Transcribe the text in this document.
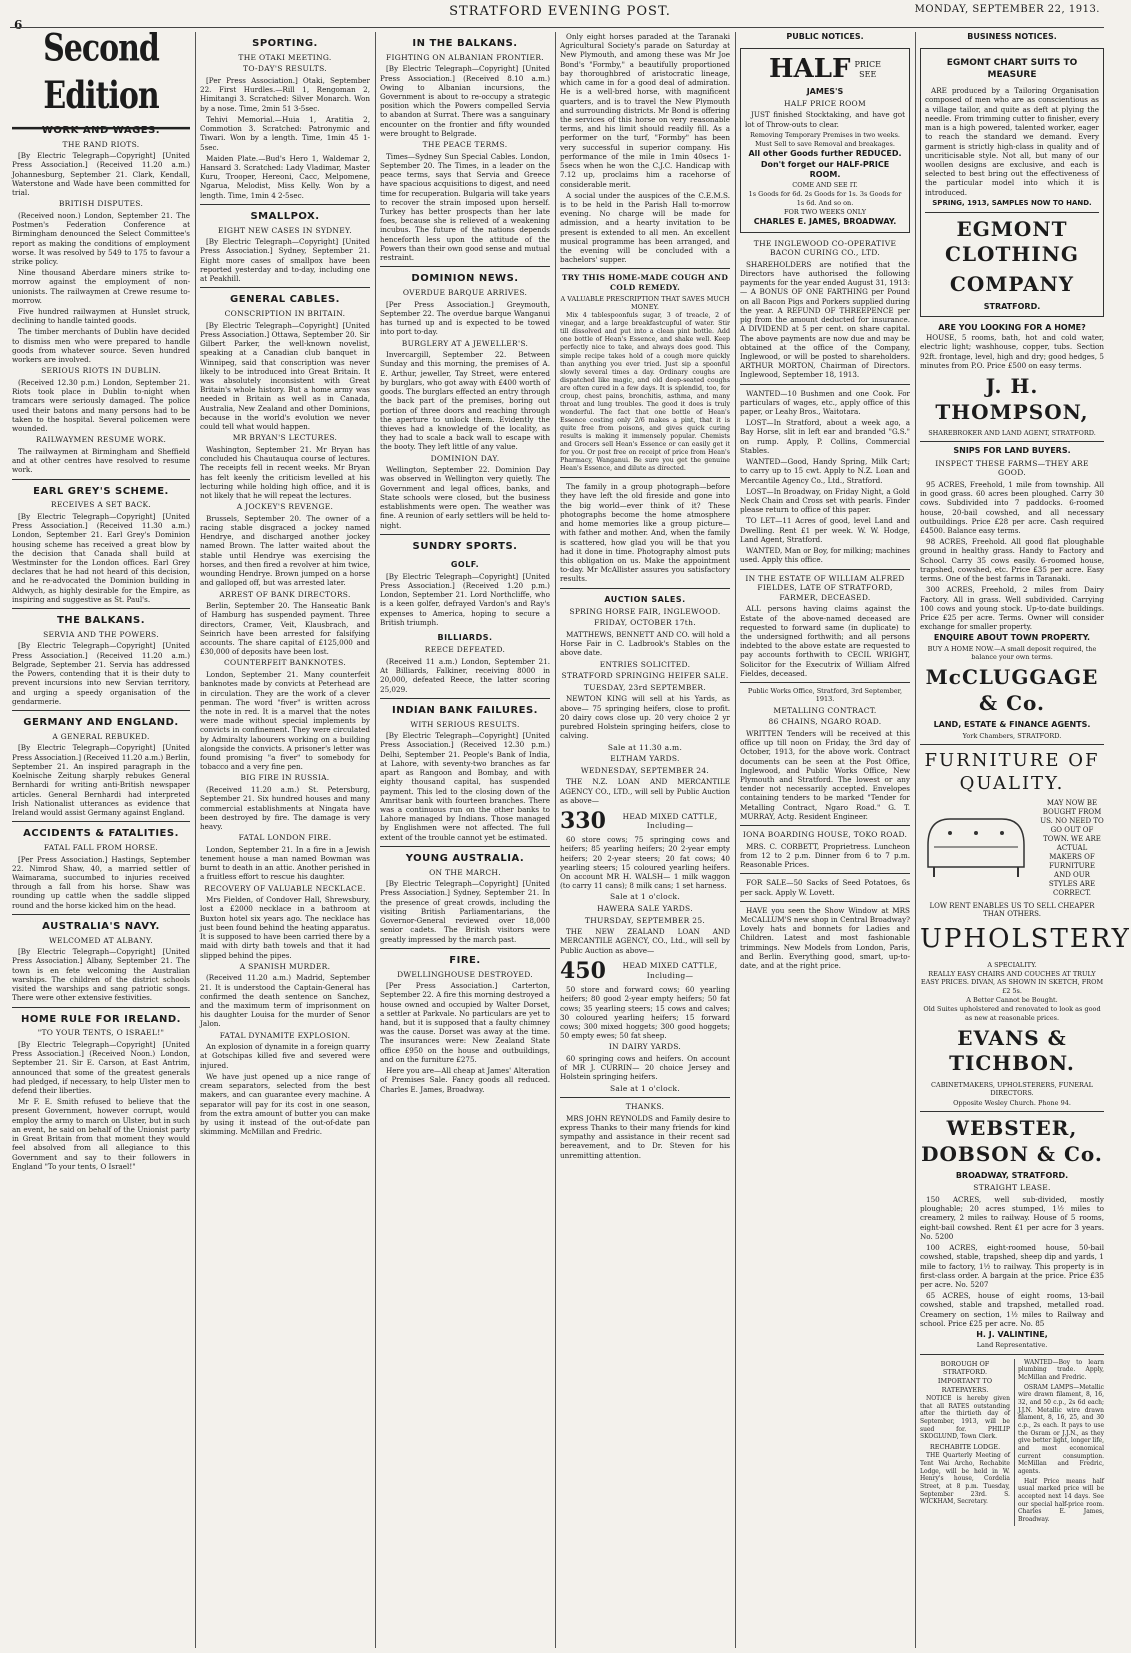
6
STRATFORD EVENING POST.	MONDAY, SEPTEMBER 22, 1913.
Second Edition
WORK AND WAGES.
THE RAND RIOTS.

[By Electric Telegraph—Copyright] [United Press Association.] (Received 11.20 a.m.) Johannesburg, September 21. Clark, Kendall, Waterstone and Wade have been committed for trial.

BRITISH DISPUTES.

(Received noon.) London, September 21. The Postmen's Federation Conference at Birmingham denounced the Select Committee's report as making the conditions of employment worse. It was resolved by 549 to 175 to favour a strike policy.

Nine thousand Aberdare miners strike to-morrow against the employment of non-unionists. The railwaymen at Crewe resume to-morrow.

Five hundred railwaymen at Hunslet struck, declining to handle tainted goods.

The timber merchants of Dublin have decided to dismiss men who were prepared to handle goods from whatever source. Seven hundred workers are involved.

SERIOUS RIOTS IN DUBLIN.

(Received 12.30 p.m.) London, September 21. Riots took place in Dublin to-night when tramcars were seriously damaged. The police used their batons and many persons had to be taken to the hospital. Several policemen were wounded.

RAILWAYMEN RESUME WORK.

The railwaymen at Birmingham and Sheffield and at other centres have resolved to resume work.

EARL GREY'S SCHEME.
RECEIVES A SET BACK.

[By Electric Telegraph—Copyright] [United Press Association.] (Received 11.30 a.m.) London, September 21. Earl Grey's Dominion housing scheme has received a great blow by the decision that Canada shall build at Westminster for the London offices. Earl Grey declares that he had not heard of this decision, and he re-advocated the Dominion building in Aldwych, as highly desirable for the Empire, as inspiring and suggestive as St. Paul's.

THE BALKANS.
SERVIA AND THE POWERS.

[By Electric Telegraph—Copyright] [United Press Association.] (Received 11.20 a.m.) Belgrade, September 21. Servia has addressed the Powers, contending that it is their duty to prevent incursions into new Servian territory, and urging a speedy organisation of the gendarmerie.

GERMANY AND ENGLAND.
A GENERAL REBUKED.

[By Electric Telegraph—Copyright] [United Press Association.] (Received 11.20 a.m.) Berlin, September 21. An inspired paragraph in the Koelnische Zeitung sharply rebukes General Bernhardi for writing anti-British newspaper articles. General Bernhardi had interpreted Irish Nationalist utterances as evidence that Ireland would assist Germany against England.

ACCIDENTS & FATALITIES.
FATAL FALL FROM HORSE.

[Per Press Association.] Hastings, September 22. Nimrod Shaw, 40, a married settler of Waimarama, succumbed to injuries received through a fall from his horse. Shaw was rounding up cattle when the saddle slipped round and the horse kicked him on the head.

AUSTRALIA'S NAVY.
WELCOMED AT ALBANY.

[By Electric Telegraph—Copyright] [United Press Association.] Albany, September 21. The town is en fete welcoming the Australian warships. The children of the district schools visited the warships and sang patriotic songs. There were other extensive festivities.

HOME RULE FOR IRELAND.
"TO YOUR TENTS, O ISRAEL!"

[By Electric Telegraph—Copyright] [United Press Association.] (Received Noon.) London, September 21. Sir E. Carson, at East Antrim, announced that some of the greatest generals had pledged, if necessary, to help Ulster men to defend their liberties.

Mr F. E. Smith refused to believe that the present Government, however corrupt, would employ the army to march on Ulster, but in such an event, he said on behalf of the Unionist party in Great Britain from that moment they would feel absolved from all allegiance to this Government and say to their followers in England "To your tents, O Israel!"

SPORTING.
THE OTAKI MEETING.
TO-DAY'S RESULTS.

[Per Press Association.] Otaki, September 22. First Hurdles.—Rill 1, Rengoman 2, Himitangi 3. Scratched: Silver Monarch. Won by a nose. Time, 2min 51 3-5sec.

Tehivi Memorial.—Huia 1, Aratitia 2, Commotion 3. Scratched: Patronymic and Tiwari. Won by a length. Time, 1min 45 1-5sec.

Maiden Plate.—Bud's Hero 1, Waldemar 2, Hansard 3. Scratched: Lady Vladimar, Master Kuru, Trooper, Hereoni, Cacc, Melpomene, Ngarua, Melodist, Miss Kelly. Won by a length. Time, 1min 4 2-5sec.

SMALLPOX.
EIGHT NEW CASES IN SYDNEY.

[By Electric Telegraph—Copyright] [United Press Association.] Sydney, September 21. Eight more cases of smallpox have been reported yesterday and to-day, including one at Peakhill.

GENERAL CABLES.
CONSCRIPTION IN BRITAIN.

[By Electric Telegraph—Copyright] [United Press Association.] Ottawa, September 20. Sir Gilbert Parker, the well-known novelist, speaking at a Canadian club banquet in Winnipeg, said that conscription was never likely to be introduced into Great Britain. It was absolutely inconsistent with Great Britain's whole history. But a home army was needed in Britain as well as in Canada, Australia, New Zealand and other Dominions, because in the world's evolution we never could tell what would happen.

MR BRYAN'S LECTURES.

Washington, September 21. Mr Bryan has concluded his Chautauqua course of lectures. The receipts fell in recent weeks. Mr Bryan has felt keenly the criticism levelled at his lecturing while holding high office, and it is not likely that he will repeat the lectures.

A JOCKEY'S REVENGE.

Brussels, September 20. The owner of a racing stable disgraced a jockey named Hendrye, and discharged another jockey named Brown. The latter waited about the stable until Hendrye was exercising the horses, and then fired a revolver at him twice, wounding Hendrye. Brown jumped on a horse and galloped off, but was arrested later.

ARREST OF BANK DIRECTORS.

Berlin, September 20. The Hanseatic Bank of Hamburg has suspended payment. Three directors, Cramer, Veit, Klausbrach, and Seinrich have been arrested for falsifying accounts. The share capital of £125,000 and £30,000 of deposits have been lost.

COUNTERFEIT BANKNOTES.

London, September 21. Many counterfeit banknotes made by convicts at Peterhead are in circulation. They are the work of a clever penman. The word "fiver" is written across the note in red. It is a marvel that the notes were made without special implements by convicts in confinement. They were circulated by Admiralty labourers working on a building alongside the convicts. A prisoner's letter was found promising "a fiver" to somebody for tobacco and a very fine pen.

BIG FIRE IN RUSSIA.

(Received 11.20 a.m.) St. Petersburg, September 21. Six hundred houses and many commercial establishments at Ningata have been destroyed by fire. The damage is very heavy.

FATAL LONDON FIRE.

London, September 21. In a fire in a Jewish tenement house a man named Bowman was burnt to death in an attic. Another perished in a fruitless effort to rescue his daughter.

RECOVERY OF VALUABLE NECKLACE.

Mrs Fielden, of Condover Hall, Shrewsbury, lost a £2000 necklace in a bathroom at Buxton hotel six years ago. The necklace has just been found behind the heating apparatus. It is supposed to have been carried there by a maid with dirty bath towels and that it had slipped behind the pipes.

A SPANISH MURDER.

(Received 11.20 a.m.) Madrid, September 21. It is understood the Captain-General has confirmed the death sentence on Sanchez, and the maximum term of imprisonment on his daughter Louisa for the murder of Senor Jalon.

FATAL DYNAMITE EXPLOSION.

An explosion of dynamite in a foreign quarry at Gotschipas killed five and severed were injured.

We have just opened up a nice range of cream separators, selected from the best makers, and can guarantee every machine. A separator will pay for its cost in one season, from the extra amount of butter you can make by using it instead of the out-of-date pan skimming. McMillan and Fredric.

IN THE BALKANS.
FIGHTING ON ALBANIAN FRONTIER.

[By Electric Telegraph—Copyright] [United Press Association.] (Received 8.10 a.m.) Owing to Albanian incursions, the Government is about to re-occupy a strategic position which the Powers compelled Servia to abandon at Surrat. There was a sanguinary encounter on the frontier and fifty wounded were brought to Belgrade.

THE PEACE TERMS.

Times—Sydney Sun Special Cables. London, September 20. The Times, in a leader on the peace terms, says that Servia and Greece have spacious acquisitions to digest, and need time for recuperation. Bulgaria will take years to recover the strain imposed upon herself. Turkey has better prospects than her late foes, because she is relieved of a weakening incubus. The future of the nations depends henceforth less upon the attitude of the Powers than their own good sense and mutual restraint.

DOMINION NEWS.
OVERDUE BARQUE ARRIVES.

[Per Press Association.] Greymouth, September 22. The overdue barque Wanganui has turned up and is expected to be towed into port to-day.

BURGLERY AT A JEWELLER'S.

Invercargill, September 22. Between Sunday and this morning, the premises of A. E. Arthur, jeweller, Tay Street, were entered by burglars, who got away with £400 worth of goods. The burglars effected an entry through the back part of the premises, boring out portion of three doors and reaching through the aperture to unlock them. Evidently the thieves had a knowledge of the locality, as they had to scale a back wall to escape with the booty. They left little of any value.

DOMINION DAY.

Wellington, September 22. Dominion Day was observed in Wellington very quietly. The Government and legal offices, banks, and State schools were closed, but the business establishments were open. The weather was fine. A reunion of early settlers will be held to-night.

SUNDRY SPORTS.
GOLF.

[By Electric Telegraph—Copyright] [United Press Association.] (Received 1.20 p.m.) London, September 21. Lord Northcliffe, who is a keen golfer, defrayed Vardon's and Ray's expenses to America, hoping to secure a British triumph.

BILLIARDS.
REECE DEFEATED.

(Received 11 a.m.) London, September 21. At Billiards, Falkiner, receiving 8000 in 20,000, defeated Reece, the latter scoring 25,029.

INDIAN BANK FAILURES.
WITH SERIOUS RESULTS.

[By Electric Telegraph—Copyright] [United Press Association.] (Received 12.30 p.m.) Delhi, September 21. People's Bank of India, at Lahore, with seventy-two branches as far apart as Rangoon and Bombay, and with eighty thousand capital, has suspended payment. This led to the closing down of the Amritsar bank with fourteen branches. There was a continuous run on the other banks to Lahore managed by Indians. Those managed by Englishmen were not affected. The full extent of the trouble cannot yet be estimated.

YOUNG AUSTRALIA.
ON THE MARCH.

[By Electric Telegraph—Copyright] [United Press Association.] Sydney, September 21. In the presence of great crowds, including the visiting British Parliamentarians, the Governor-General reviewed over 18,000 senior cadets. The British visitors were greatly impressed by the march past.

FIRE.
DWELLINGHOUSE DESTROYED.

[Per Press Association.] Carterton, September 22. A fire this morning destroyed a house owned and occupied by Walter Dorset, a settler at Parkvale. No particulars are yet to hand, but it is supposed that a faulty chimney was the cause. Dorset was away at the time. The insurances were: New Zealand State office £950 on the house and outbuildings, and on the furniture £275.

Here you are—All cheap at James' Alteration of Premises Sale. Fancy goods all reduced. Charles E. James, Broadway.

Only eight horses paraded at the Taranaki Agricultural Society's parade on Saturday at New Plymouth, and among these was Mr Joe Bond's "Formby," a beautifully proportioned bay thoroughbred of aristocratic lineage, which came in for a good deal of admiration. He is a well-bred horse, with magnificent quarters, and is to travel the New Plymouth and surrounding districts. Mr Bond is offering the services of this horse on very reasonable terms, and his limit should readily fill. As a performer on the turf, "Formby" has been very successful in superior company. His performance of the mile in 1min 40secs 1-5secs when he won the C.J.C. Handicap with 7.12 up, proclaims him a racehorse of considerable merit.

A social under the auspices of the C.E.M.S. is to be held in the Parish Hall to-morrow evening. No charge will be made for admission, and a hearty invitation to be present is extended to all men. An excellent musical programme has been arranged, and the evening will be concluded with a bachelors' supper.

TRY THIS HOME-MADE COUGH AND COLD REMEDY.
A VALUABLE PRESCRIPTION THAT SAVES MUCH MONEY.

Mix 4 tablespoonfuls sugar, 3 of treacle, 2 of vinegar, and a large breakfastcupful of water. Stir till dissolved and put into a clean pint bottle. Add one bottle of Hean's Essence, and shake well. Keep perfectly nice to take, and always does good. This simple recipe takes hold of a cough more quickly than anything you ever tried. Just sip a spoonful slowly several times a day. Ordinary coughs are dispatched like magic, and old deep-seated coughs are often cured in a few days. It is splendid, too, for croup, chest pains, bronchitis, asthma, and many throat and lung troubles. The good it does is truly wonderful. The fact that one bottle of Hean's Essence costing only 2/6 makes a pint, that it is quite free from poisons, and gives quick curing results is making it immensely popular. Chemists and Grocers sell Hean's Essence or can easily get it for you. Or post free on receipt of price from Hean's Pharmacy, Wanganui. Be sure you get the genuine Hean's Essence, and dilute as directed.

The family in a group photograph—before they have left the old fireside and gone into the big world—ever think of it? These photographs become the home atmosphere and home memories like a group picture—with father and mother. And, when the family is scattered, how glad you will be that you had it done in time. Photography almost puts this obligation on us. Make the appointment to-day. Mr McAllister assures you satisfactory results.

AUCTION SALES.
SPRING HORSE FAIR, INGLEWOOD.
FRIDAY, OCTOBER 17th.

MATTHEWS, BENNETT AND CO. will hold a Horse Fair in C. Ladbrook's Stables on the above date.

ENTRIES SOLICITED.
STRATFORD SPRINGING HEIFER SALE.
TUESDAY, 23rd SEPTEMBER.

NEWTON KING will sell at his Yards, as above— 75 springing heifers, close to profit. 20 dairy cows close up. 20 very choice 2 yr purebred Holstein springing heifers, close to calving.

Sale at 11.30 a.m.
ELTHAM YARDS.
WEDNESDAY, SEPTEMBER 24.

THE N.Z. LOAN AND MERCANTILE AGENCY CO., LTD., will sell by Public Auction as above—

330	HEAD MIXED CATTLE, Including—

60 store cows; 75 springing cows and heifers; 85 yearling heifers; 20 2-year empty heifers; 20 2-year steers; 20 fat cows; 40 yearling steers; 15 coloured yearling heifers. On account MR H. WALSH— 1 milk waggon (to carry 11 cans); 8 milk cans; 1 set harness.

Sale at 1 o'clock.
HAWERA SALE YARDS.
THURSDAY, SEPTEMBER 25.

THE NEW ZEALAND LOAN AND MERCANTILE AGENCY, CO., Ltd., will sell by Public Auction as above—

450	HEAD MIXED CATTLE, Including—

50 store and forward cows; 60 yearling heifers; 80 good 2-year empty heifers; 50 fat cows; 35 yearling steers; 15 cows and calves; 30 coloured yearling heifers; 15 forward cows; 300 mixed hoggets; 300 good hoggets; 50 empty ewes; 50 fat sheep.

IN DAIRY YARDS.

60 springing cows and heifers. On account of MR J. CURRIN— 20 choice Jersey and Holstein springing heifers.

Sale at 1 o'clock.
THANKS.

MRS JOHN REYNOLDS and Family desire to express Thanks to their many friends for kind sympathy and assistance in their recent sad bereavement, and to Dr. Steven for his unremitting attention.

PUBLIC NOTICES.
HALF PRICE
SEE
JAMES'S
HALF PRICE ROOM

JUST finished Stocktaking, and have got lot of Throw-outs to clear.

Removing Temporary Premises in two weeks.
Must Sell to save Removal and breakages.
All other Goods further REDUCED.
Don't forget our HALF-PRICE ROOM.
COME AND SEE IT.
1s Goods for 6d. 2s Goods for 1s. 3s Goods for 1s 6d. And so on.
FOR TWO WEEKS ONLY
CHARLES E. JAMES, BROADWAY.
THE INGLEWOOD CO-OPERATIVE BACON CURING CO., LTD.

SHAREHOLDERS are notified that the Directors have authorised the following payments for the year ended August 31, 1913:— A BONUS OF ONE FARTHING per Pound on all Bacon Pigs and Porkers supplied during the year. A REFUND OF THREEPENCE per pig from the amount deducted for insurance. A DIVIDEND at 5 per cent. on share capital. The above payments are now due and may be obtained at the office of the Company, Inglewood, or will be posted to shareholders. ARTHUR MORTON, Chairman of Directors. Inglewood, September 18, 1913.

WANTED—10 Bushmen and one Cook. For particulars of wages, etc., apply office of this paper, or Leahy Bros., Waitotara.

LOST—In Stratford, about a week ago, a Bay Horse, slit in left ear and branded "G.S." on rump. Apply, P. Collins, Commercial Stables.

WANTED—Good, Handy Spring, Milk Cart; to carry up to 15 cwt. Apply to N.Z. Loan and Mercantile Agency Co., Ltd., Stratford.

LOST—In Broadway, on Friday Night, a Gold Neck Chain and Cross set with pearls. Finder please return to office of this paper.

TO LET—11 Acres of good, level Land and Dwelling. Rent £1 per week. W. W. Hodge, Land Agent, Stratford.

WANTED, Man or Boy, for milking; machines used. Apply this office.

IN THE ESTATE OF WILLIAM ALFRED FIELDES, LATE OF STRATFORD, FARMER, DECEASED.

ALL persons having claims against the Estate of the above-named deceased are requested to forward same (in duplicate) to the undersigned forthwith; and all persons indebted to the above estate are requested to pay accounts forthwith to CECIL WRIGHT, Solicitor for the Executrix of William Alfred Fieldes, deceased.

Public Works Office, Stratford, 3rd September, 1913.
METALLING CONTRACT.
86 CHAINS, NGARO ROAD.

WRITTEN Tenders will be received at this office up till noon on Friday, the 3rd day of October, 1913, for the above work. Contract documents can be seen at the Post Office, Inglewood, and Public Works Office, New Plymouth and Stratford. The lowest or any tender not necessarily accepted. Envelopes containing tenders to be marked "Tender for Metalling Contract, Ngaro Road." G. T. MURRAY, Actg. Resident Engineer.

IONA BOARDING HOUSE, TOKO ROAD.

MRS. C. CORBETT, Proprietress. Luncheon from 12 to 2 p.m. Dinner from 6 to 7 p.m. Reasonable Prices.

FOR SALE—50 Sacks of Seed Potatoes, 6s per sack. Apply W. Lovett.

HAVE you seen the Show Window at MRS McCALLUM'S new shop in Central Broadway? Lovely hats and bonnets for Ladies and Children. Latest and most fashionable trimmings. New Models from London, Paris, and Berlin. Everything good, smart, up-to-date, and at the right price.

BUSINESS NOTICES.
EGMONT CHART SUITS TO MEASURE

ARE produced by a Tailoring Organisation composed of men who are as conscientious as a village tailor, and quite as deft at plying the needle. From trimming cutter to finisher, every man is a high powered, talented worker, eager to reach the standard we demand. Every garment is strictly high-class in quality and of uncriticisable style. Not all, but many of our woollen designs are exclusive, and each is selected to best bring out the effectiveness of the particular model into which it is introduced.

SPRING, 1913, SAMPLES NOW TO HAND.
EGMONT CLOTHING
COMPANY
STRATFORD.
ARE YOU LOOKING FOR A HOME?

HOUSE, 5 rooms, bath, hot and cold water, electric light; washhouse, copper, tubs. Section 92ft. frontage, level, high and dry; good hedges, 5 minutes from P.O. Price £500 on easy terms.

J. H. THOMPSON,
SHAREBROKER AND LAND AGENT, STRATFORD.
SNIPS FOR LAND BUYERS.
INSPECT THESE FARMS—THEY ARE GOOD.

95 ACRES, Freehold, 1 mile from township. All in good grass. 60 acres been ploughed. Carry 30 cows. Subdivided into 7 paddocks. 6-roomed house, 20-bail cowshed, and all necessary outbuildings. Price £28 per acre. Cash required £4500. Balance easy terms.

98 ACRES, Freehold. All good flat ploughable ground in healthy grass. Handy to Factory and School. Carry 35 cows easily. 6-roomed house, trapshed, cowshed, etc. Price £35 per acre. Easy terms. One of the best farms in Taranaki.

300 ACRES, Freehold, 2 miles from Dairy Factory. All in grass. Well subdivided. Carrying 100 cows and young stock. Up-to-date buildings. Price £25 per acre. Terms. Owner will consider exchange for smaller property.

ENQUIRE ABOUT TOWN PROPERTY.
BUY A HOME NOW.—A small deposit required, the balance your own terms.
McCLUGGAGE & Co.
LAND, ESTATE & FINANCE AGENTS.
York Chambers, STRATFORD.
FURNITURE OF QUALITY.
MAY NOW BE BOUGHT FROM US. NO NEED TO GO OUT OF TOWN. WE ARE ACTUAL MAKERS OF FURNITURE AND OUR STYLES ARE CORRECT.
LOW RENT ENABLES US TO SELL CHEAPER THAN OTHERS.
UPHOLSTERY
A SPECIALITY.
REALLY EASY CHAIRS AND COUCHES AT TRULY EASY PRICES. DIVAN, AS SHOWN IN SKETCH, FROM £2 5s.
A Better Cannot be Bought.
Old Suites upholstered and renovated to look as good as new at reasonable prices.
EVANS & TICHBON.
CABINETMAKERS, UPHOLSTERERS, FUNERAL DIRECTORS.
Opposite Wesley Church. Phone 94.
WEBSTER, DOBSON & Co.
BROADWAY, STRATFORD.
STRAIGHT LEASE.

150 ACRES, well sub-divided, mostly ploughable; 20 acres stumped, 1½ miles to creamery, 2 miles to railway. House of 5 rooms, eight-bail cowshed. Rent £1 per acre for 3 years. No. 5200

100 ACRES, eight-roomed house, 50-bail cowshed, stable, trapshed, sheep dip and yards, 1 mile to factory, 1½ to railway. This property is in first-class order. A bargain at the price. Price £35 per acre. No. 5207

65 ACRES, house of eight rooms, 13-bail cowshed, stable and trapshed, metalled road. Creamery on section, 1½ miles to Railway and school. Price £25 per acre. No. 85

H. J. VALINTINE,
Land Representative.
BOROUGH OF STRATFORD.
IMPORTANT TO RATEPAYERS.

NOTICE is hereby given that all RATES outstanding after the thirtieth day of September, 1913, will be sued for. PHILIP SKOGLUND, Town Clerk.

RECHABITE LODGE.

THE Quarterly Meeting of Tent Wai Archo, Rechabite Lodge, will be held in W. Henry's house, Cordelia Street, at 8 p.m. Tuesday, September 23rd. S. WICKHAM, Secretary.

WANTED—Boy to learn plumbing trade. Apply, McMillan and Fredric.

OSRAM LAMPS—Metallic wire drawn filament, 8, 16, 32, and 50 c.p., 2s 6d each; J.J.N. Metallic wire drawn filament, 8, 16, 25, and 30 c.p., 2s each. It pays to use the Osram or J.J.N., as they give better light, longer life, and most economical current consumption. McMillan and Fredric, agents.

Half Price means half usual marked price will be accepted next 14 days. See our special half-price room. Charles E. James, Broadway.
